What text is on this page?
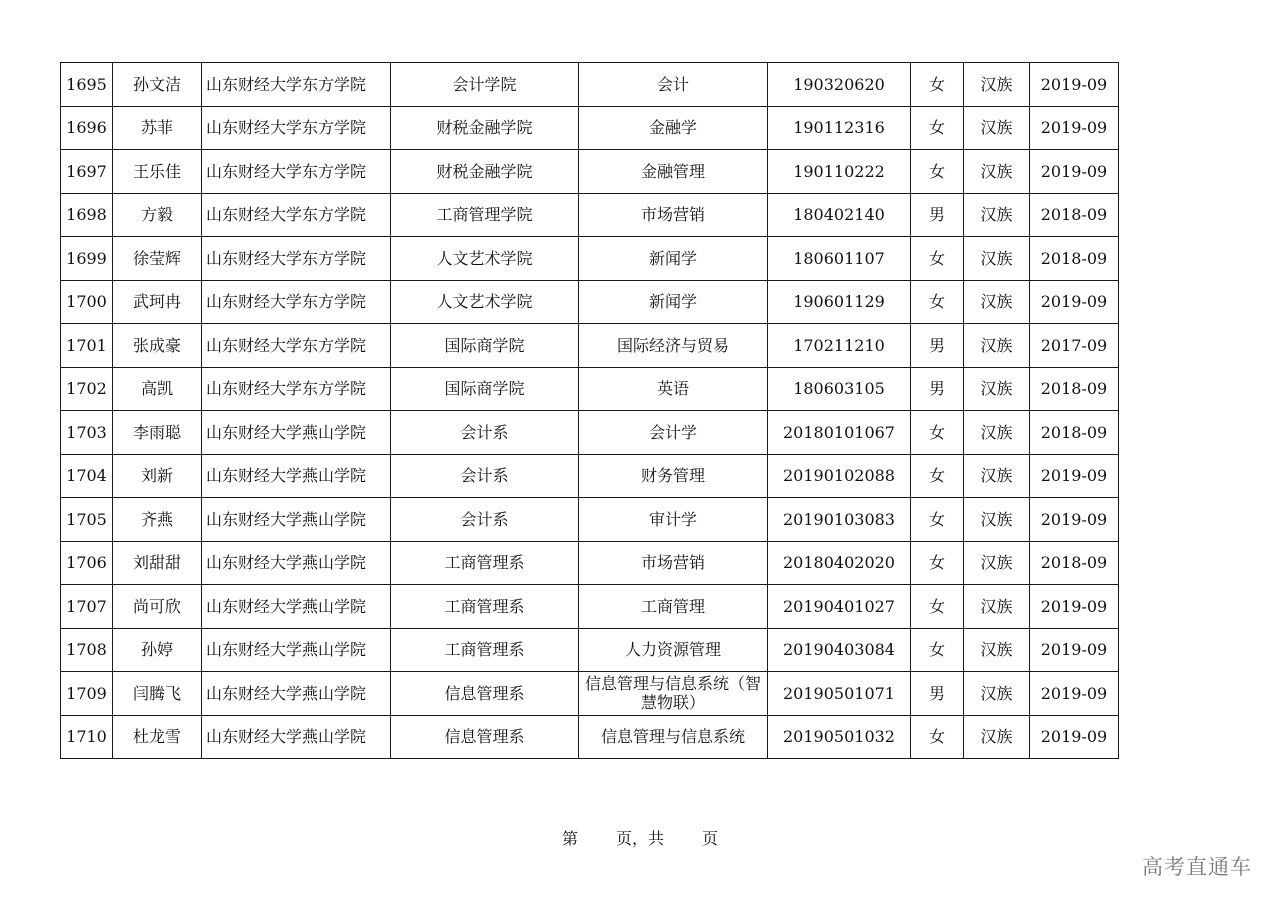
1695	孙文洁	山东财经大学东方学院	会计学院	会计	190320620	女	汉族	2019-09
1696	苏菲	山东财经大学东方学院	财税金融学院	金融学	190112316	女	汉族	2019-09
1697	王乐佳	山东财经大学东方学院	财税金融学院	金融管理	190110222	女	汉族	2019-09
1698	方毅	山东财经大学东方学院	工商管理学院	市场营销	180402140	男	汉族	2018-09
1699	徐莹辉	山东财经大学东方学院	人文艺术学院	新闻学	180601107	女	汉族	2018-09
1700	武珂冉	山东财经大学东方学院	人文艺术学院	新闻学	190601129	女	汉族	2019-09
1701	张成豪	山东财经大学东方学院	国际商学院	国际经济与贸易	170211210	男	汉族	2017-09
1702	高凯	山东财经大学东方学院	国际商学院	英语	180603105	男	汉族	2018-09
1703	李雨聪	山东财经大学燕山学院	会计系	会计学	20180101067	女	汉族	2018-09
1704	刘新	山东财经大学燕山学院	会计系	财务管理	20190102088	女	汉族	2019-09
1705	齐燕	山东财经大学燕山学院	会计系	审计学	20190103083	女	汉族	2019-09
1706	刘甜甜	山东财经大学燕山学院	工商管理系	市场营销	20180402020	女	汉族	2018-09
1707	尚可欣	山东财经大学燕山学院	工商管理系	工商管理	20190401027	女	汉族	2019-09
1708	孙婷	山东财经大学燕山学院	工商管理系	人力资源管理	20190403084	女	汉族	2019-09
1709	闫腾飞	山东财经大学燕山学院	信息管理系	信息管理与信息系统（智慧物联）	20190501071	男	汉族	2019-09
1710	杜龙雪	山东财经大学燕山学院	信息管理系	信息管理与信息系统	20190501032	女	汉族	2019-09
第 页，共 页
高考直通车
